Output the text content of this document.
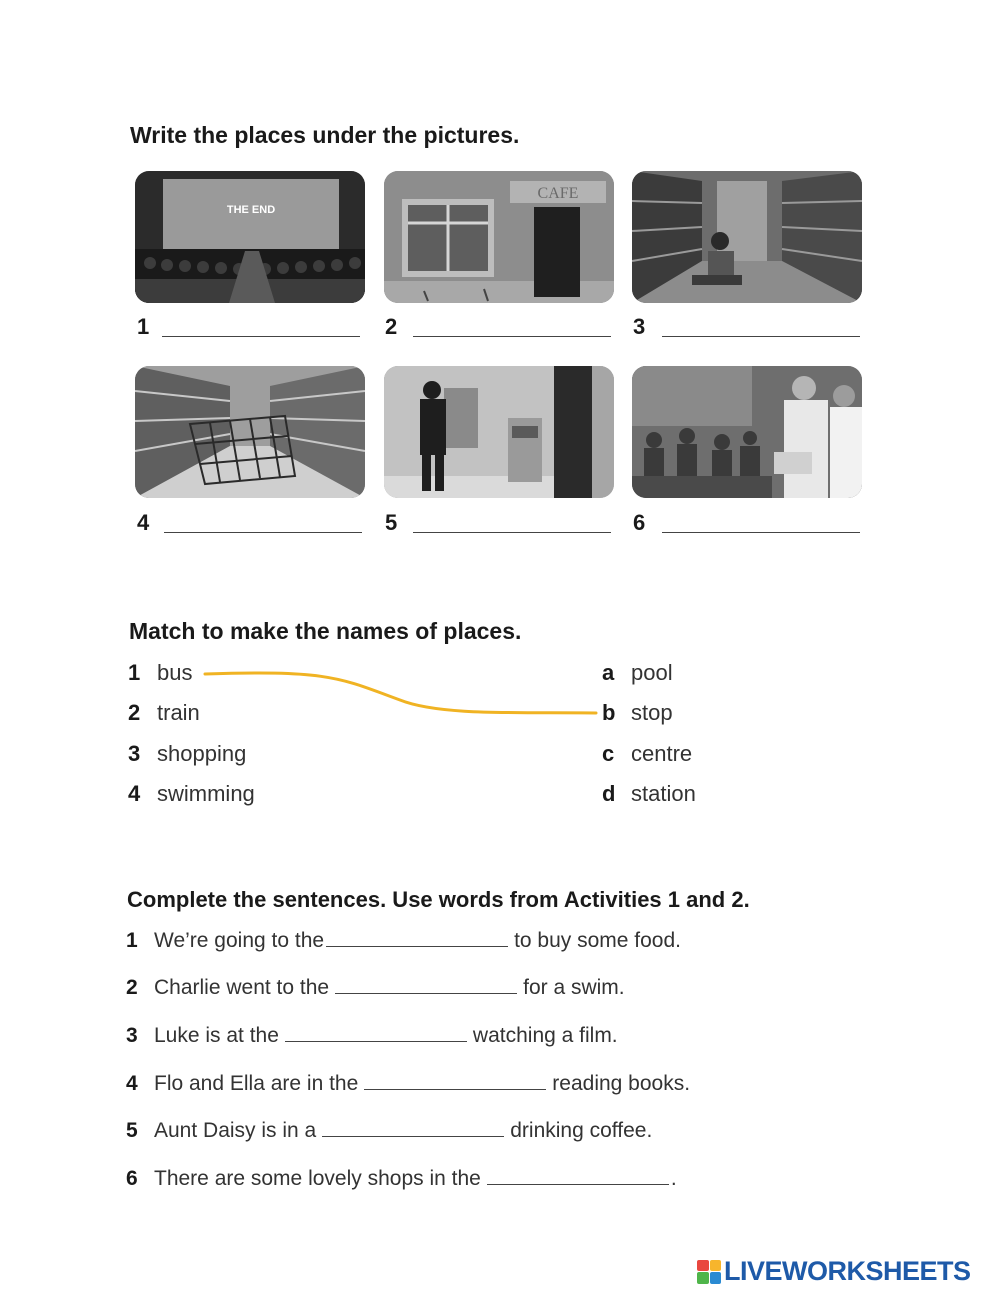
Write the places under the pictures.
THE END
1
CAFE
2	3
4	5	6
Match to make the names of places.
1 bus
2 train
3 shopping
4 swimming
a pool
b stop
c centre
d station
Complete the sentences. Use words from Activities 1 and 2.
1 We’re going to the	to buy some food.
2 Charlie went to the	for a swim.
3 Luke is at the	watching a film.
4 Flo and Ella are in the	reading books.
5 Aunt Daisy is in a	drinking coffee.
6 There are some lovely shops in the	.
LIVEWORKSHEETS
